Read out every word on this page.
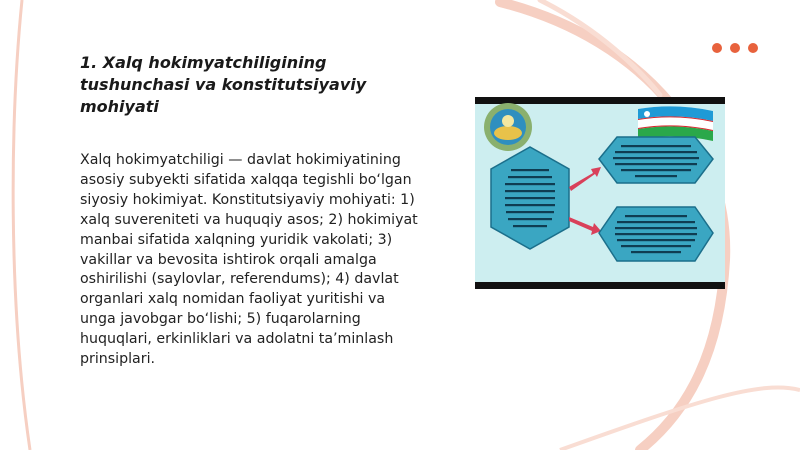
1. Xalq hokimyatchiligining tushunchasi va konstitutsiyaviy mohiyati
Xalq hokimyatchiligi — davlat hokimiyatining asosiy subyekti sifatida xalqqa tegishli bo‘lgan siyosiy hokimiyat. Konstitutsiyaviy mohiyati: 1) xalq suvereniteti va huquqiy asos; 2) hokimiyat manbai sifatida xalqning yuridik vakolati; 3) vakillar va bevosita ishtirok orqali amalga oshirilishi (saylovlar, referendums); 4) davlat organlari xalq nomidan faoliyat yuritishi va unga javobgar bo‘lishi; 5) fuqarolarning huquqlari, erkinliklari va adolatni ta’minlash prinsiplari.
